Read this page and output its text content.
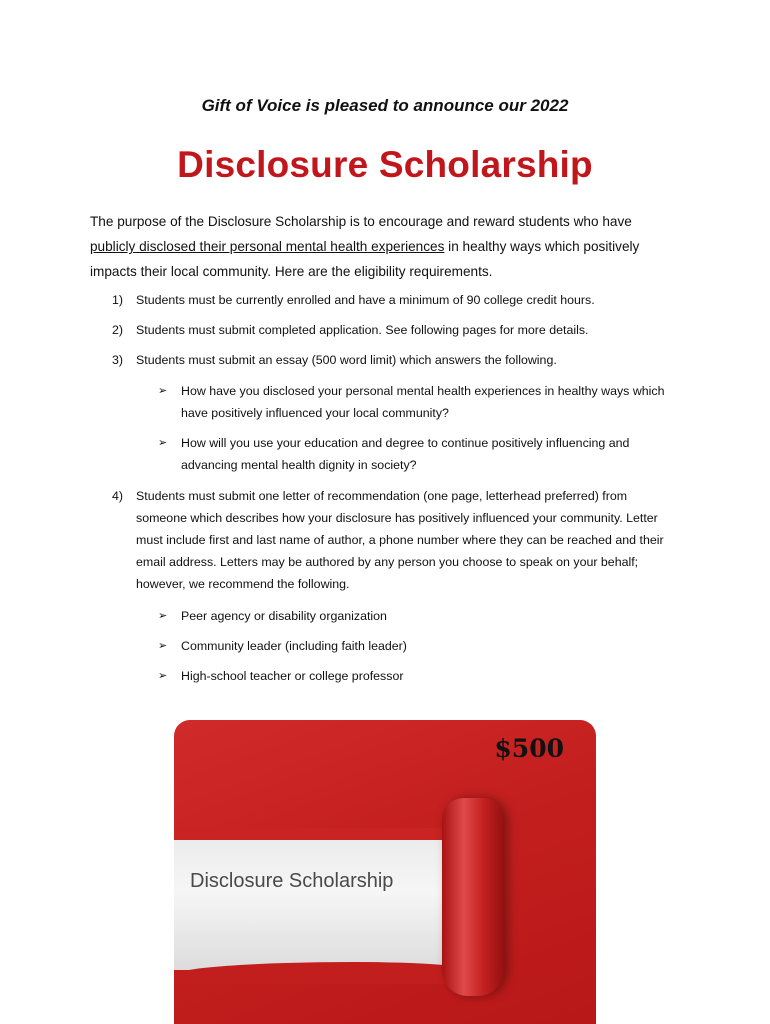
Gift of Voice is pleased to announce our 2022
Disclosure Scholarship
The purpose of the Disclosure Scholarship is to encourage and reward students who have publicly disclosed their personal mental health experiences in healthy ways which positively impacts their local community. Here are the eligibility requirements.
1) Students must be currently enrolled and have a minimum of 90 college credit hours.
2) Students must submit completed application. See following pages for more details.
3) Students must submit an essay (500 word limit) which answers the following.
➢ How have you disclosed your personal mental health experiences in healthy ways which have positively influenced your local community?
➢ How will you use your education and degree to continue positively influencing and advancing mental health dignity in society?
4) Students must submit one letter of recommendation (one page, letterhead preferred) from someone which describes how your disclosure has positively influenced your community. Letter must include first and last name of author, a phone number where they can be reached and their email address. Letters may be authored by any person you choose to speak on your behalf; however, we recommend the following.
➢ Peer agency or disability organization
➢ Community leader (including faith leader)
➢ High-school teacher or college professor
$500
Disclosure Scholarship
